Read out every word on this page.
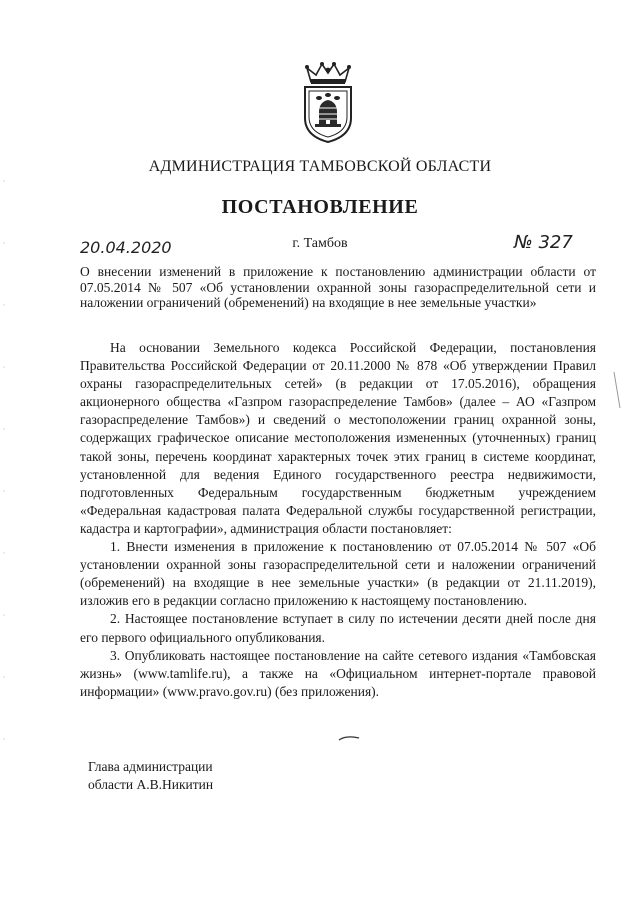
АДМИНИСТРАЦИЯ ТАМБОВСКОЙ ОБЛАСТИ
ПОСТАНОВЛЕНИЕ
20.04.2020	г. Тамбов	№ 327
О внесении изменений в приложение к постановлению администрации области от 07.05.2014 № 507 «Об установлении охранной зоны газораспределительной сети и наложении ограничений (обременений) на входящие в нее земельные участки»

На основании Земельного кодекса Российской Федерации, постановления Правительства Российской Федерации от 20.11.2000 № 878 «Об утверждении Правил охраны газораспределительных сетей» (в редакции от 17.05.2016), обращения акционерного общества «Газпром газораспределение Тамбов» (далее – АО «Газпром газораспределение Тамбов») и сведений о местоположении границ охранной зоны, содержащих графическое описание местоположения измененных (уточненных) границ такой зоны, перечень координат характерных точек этих границ в системе координат, установленной для ведения Единого государственного реестра недвижимости, подготовленных Федеральным государственным бюджетным учреждением «Федеральная кадастровая палата Федеральной службы государственной регистрации, кадастра и картографии», администрация области постановляет:

1. Внести изменения в приложение к постановлению от 07.05.2014 № 507 «Об установлении охранной зоны газораспределительной сети и наложении ограничений (обременений) на входящие в нее земельные участки» (в редакции от 21.11.2019), изложив его в редакции согласно приложению к настоящему постановлению.

2. Настоящее постановление вступает в силу по истечении десяти дней после дня его первого официального опубликования.

3. Опубликовать настоящее постановление на сайте сетевого издания «Тамбовская жизнь» (www.tamlife.ru), а также на «Официальном интернет-портале правовой информации» (www.pravo.gov.ru) (без приложения).

Глава администрации
области А.В.Никитин
